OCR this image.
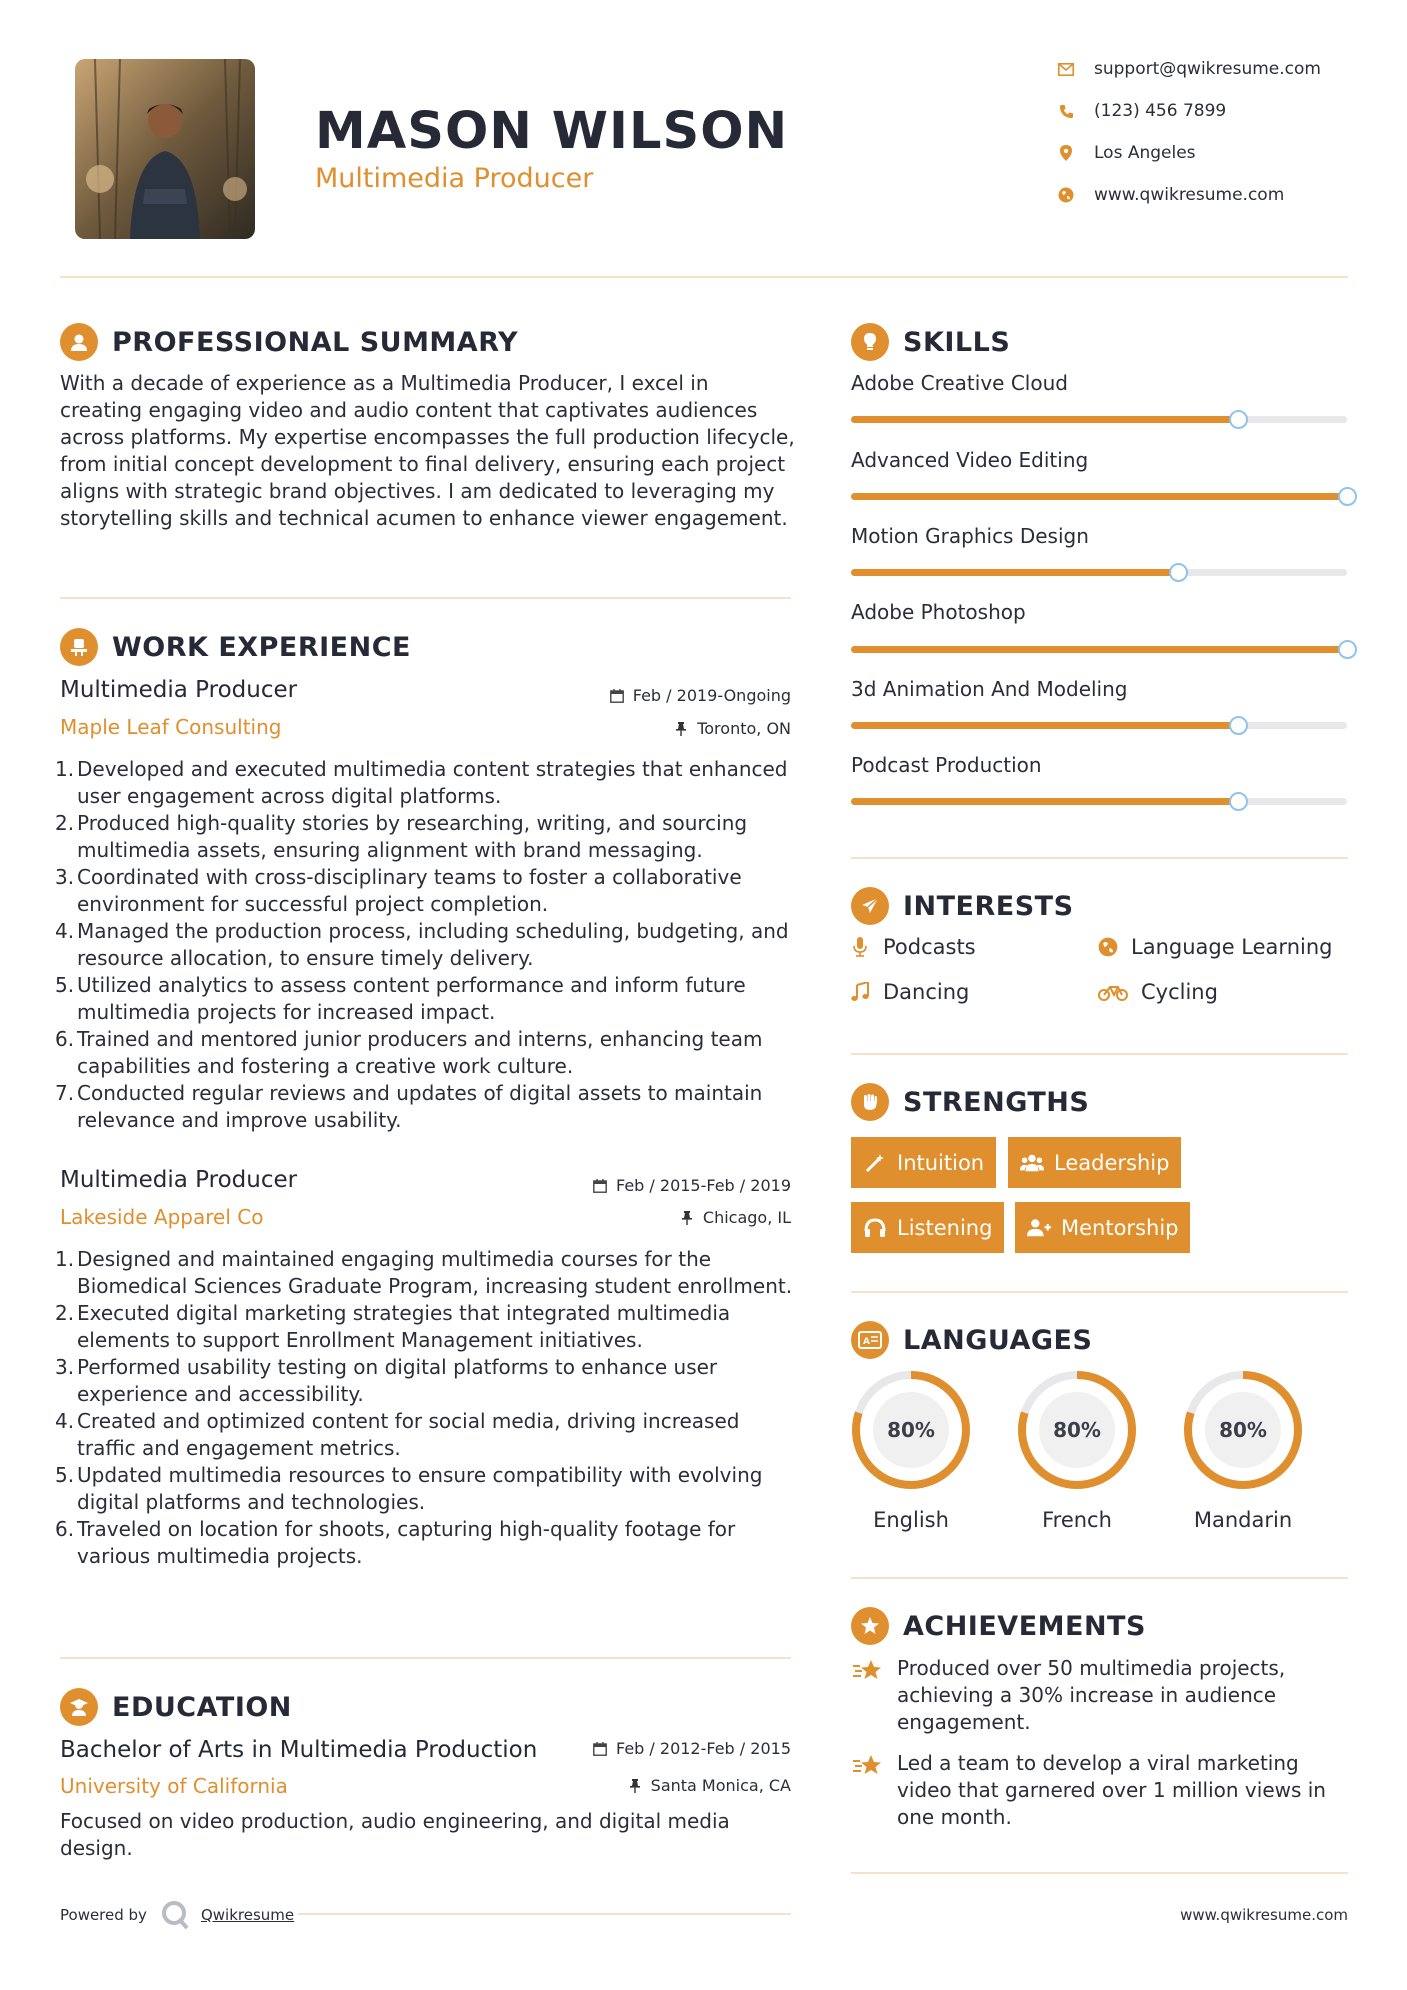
MASON WILSON
Multimedia Producer
support@qwikresume.com
(123) 456 7899
Los Angeles
www.qwikresume.com
PROFESSIONAL SUMMARY
With a decade of experience as a Multimedia Producer, I excel in creating engaging video and audio content that captivates audiences across platforms. My expertise encompasses the full production lifecycle, from initial concept development to final delivery, ensuring each project aligns with strategic brand objectives. I am dedicated to leveraging my storytelling skills and technical acumen to enhance viewer engagement.
WORK EXPERIENCE
Multimedia Producer	Feb / 2019-Ongoing
Maple Leaf Consulting	Toronto, ON
1. Developed and executed multimedia content strategies that enhanced user engagement across digital platforms.
2. Produced high-quality stories by researching, writing, and sourcing multimedia assets, ensuring alignment with brand messaging.
3. Coordinated with cross-disciplinary teams to foster a collaborative environment for successful project completion.
4. Managed the production process, including scheduling, budgeting, and resource allocation, to ensure timely delivery.
5. Utilized analytics to assess content performance and inform future multimedia projects for increased impact.
6. Trained and mentored junior producers and interns, enhancing team capabilities and fostering a creative work culture.
7. Conducted regular reviews and updates of digital assets to maintain relevance and improve usability.
Multimedia Producer	Feb / 2015-Feb / 2019
Lakeside Apparel Co	Chicago, IL
1. Designed and maintained engaging multimedia courses for the Biomedical Sciences Graduate Program, increasing student enrollment.
2. Executed digital marketing strategies that integrated multimedia elements to support Enrollment Management initiatives.
3. Performed usability testing on digital platforms to enhance user experience and accessibility.
4. Created and optimized content for social media, driving increased traffic and engagement metrics.
5. Updated multimedia resources to ensure compatibility with evolving digital platforms and technologies.
6. Traveled on location for shoots, capturing high-quality footage for various multimedia projects.
EDUCATION
Bachelor of Arts in Multimedia Production	Feb / 2012-Feb / 2015
University of California	Santa Monica, CA
Focused on video production, audio engineering, and digital media design.
SKILLS
Adobe Creative Cloud
Advanced Video Editing
Motion Graphics Design
Adobe Photoshop
3d Animation And Modeling
Podcast Production
INTERESTS
Podcasts	Language Learning
Dancing	Cycling
STRENGTHS
Intuition	Leadership
Listening	Mentorship
A LANGUAGES
80%
English
80%
French
80%
Mandarin
ACHIEVEMENTS
Produced over 50 multimedia projects, achieving a 30% increase in audience engagement.
Led a team to develop a viral marketing video that garnered over 1 million views in one month.
Powered by	Qwikresume	www.qwikresume.com
